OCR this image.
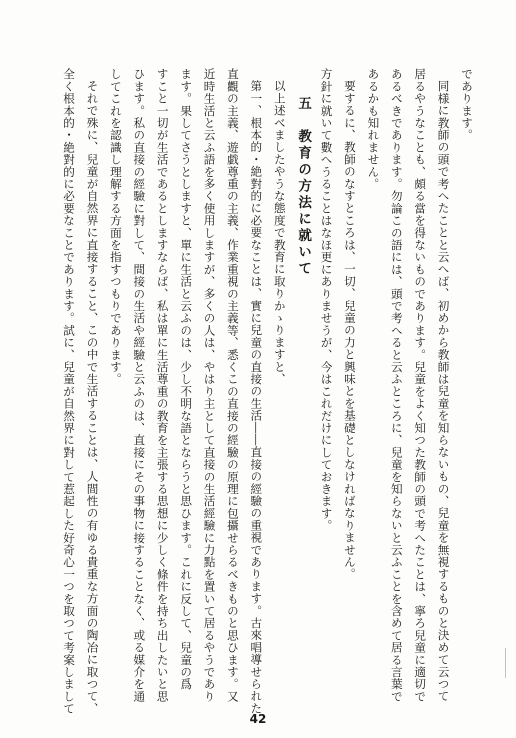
であります。
同様に教師の頭で考へたことと云へば、初めから教師は兒童を知らないもの、兒童を無視するものと決めて云つて
居るやうなことも、頗る當を得ないものであります。兒童をよく知つた教師の頭で考へたことは、寧ろ兒童に適切で
あるべきであります。勿論この語には、頭で考へると云ふところに、兒童を知らないと云ふことを含めて居る言葉で
あるかも知れません。
要するに、教師のなすところは、一切、兒童の力と興味とを基礎としなければなりません。
方針に就いて數へうることはなほ更にありませうが、今はこれだけにしておきます。
五　教育の方法に就いて
以上述べましたやうな態度で教育に取りかゝりますと、
第一、根本的・絶對的に必要なことは、實に兒童の直接の生活――直接の經驗の重視であります。古來唱導せられた
直觀の主義、遊戯尊重の主義、作業重視の主義等、悉くこの直接の經驗の原理に包攝せらるべきものと思ひます。又
近時生活と云ふ語を多く使用しますが、多くの人は、やはり主として直接の生活經驗に力點を置いて居るやうであり
ます。果してさうとしますと、單に生活と云ふのは、少し不明な語とならうと思ひます。これに反して、兒童の爲
すこと一切が生活であるとしますならば、私は單に生活尊重の教育を主張する思想に少しく條件を持ち出したいと思
ひます。私の直接の經驗に對して、間接の生活や經驗と云ふのは、直接にその事物に接することなく、或る媒介を通
してこれを認識し理解する方面を指すつもりであります。
それで殊に、兒童が自然界に直接すること、この中で生活することは、人間性の有ゆる貴重な方面の陶冶に取つて、
全く根本的・絶對的に必要なことであります。試に、兒童が自然界に對して惹起した好奇心一つを取つて考案しまして
42
